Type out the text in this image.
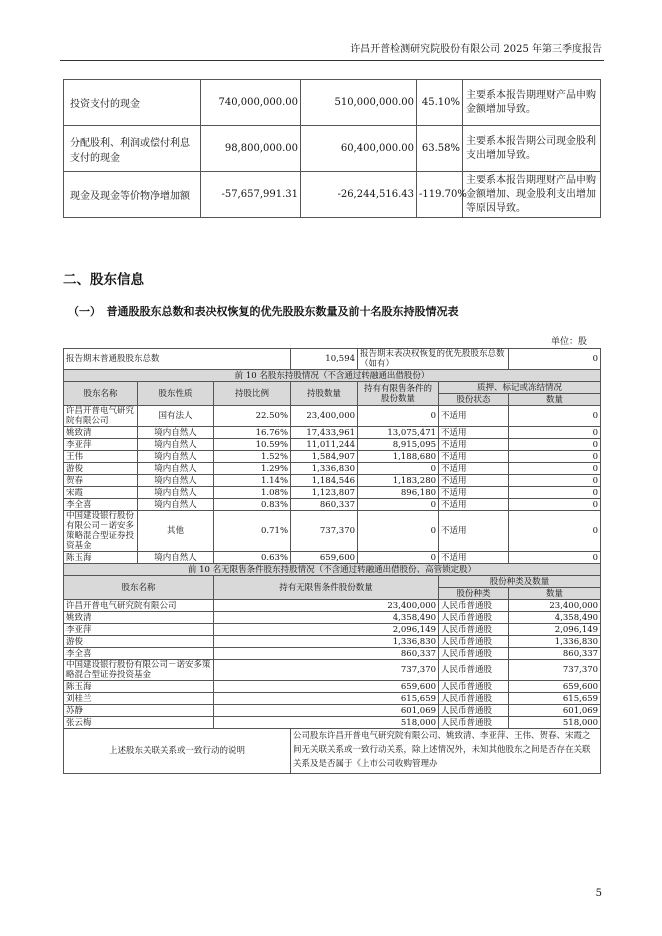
许昌开普检测研究院股份有限公司 2025 年第三季度报告
投资支付的现金	740,000,000.00	510,000,000.00	45.10%	主要系本报告期理财产品申购金额增加导致。
分配股利、利润或偿付利息支付的现金	98,800,000.00	60,400,000.00	63.58%	主要系本报告期公司现金股利支出增加导致。
现金及现金等价物净增加额	-57,657,991.31	-26,244,516.43	-119.70%	主要系本报告期理财产品申购金额增加、现金股利支出增加等原因导致。
二、股东信息
（一）　普通股股东总数和表决权恢复的优先股股东数量及前十名股东持股情况表
单位：股
报告期末普通股股东总数			10,594	报告期末表决权恢复的优先股股东总数（如有）		0
前 10 名股东持股情况（不含通过转融通出借股份）						
股东名称	股东性质	持股比例	持股数量	持有有限售条件的股份数量	质押、标记或冻结情况	
					股份状态	数量
许昌开普电气研究院有限公司	国有法人	22.50%	23,400,000	0	不适用	0
姚致清	境内自然人	16.76%	17,433,961	13,075,471	不适用	0
李亚萍	境内自然人	10.59%	11,011,244	8,915,095	不适用	0
王伟	境内自然人	1.52%	1,584,907	1,188,680	不适用	0
游俊	境内自然人	1.29%	1,336,830	0	不适用	0
贺春	境内自然人	1.14%	1,184,546	1,183,280	不适用	0
宋霞	境内自然人	1.08%	1,123,807	896,180	不适用	0
李全喜	境内自然人	0.83%	860,337	0	不适用	0
中国建设银行股份有限公司－诺安多策略混合型证券投资基金	其他	0.71%	737,370	0	不适用	0
陈玉海	境内自然人	0.63%	659,600	0	不适用	0
前 10 名无限售条件股东持股情况（不含通过转融通出借股份、高管锁定股）						
股东名称		持有无限售条件股份数量			股份种类及数量	
					股份种类	数量
许昌开普电气研究院有限公司		23,400,000			人民币普通股	23,400,000
姚致清		4,358,490			人民币普通股	4,358,490
李亚萍		2,096,149			人民币普通股	2,096,149
游俊		1,336,830			人民币普通股	1,336,830
李全喜		860,337			人民币普通股	860,337
中国建设银行股份有限公司－诺安多策略混合型证券投资基金		737,370			人民币普通股	737,370
陈玉海		659,600			人民币普通股	659,600
刘桂兰		615,659			人民币普通股	615,659
苏静		601,069			人民币普通股	601,069
张云梅		518,000			人民币普通股	518,000
上述股东关联关系或一致行动的说明			公司股东许昌开普电气研究院有限公司、姚致清、李亚萍、王伟、贺春、宋霞之间无关联关系或一致行动关系，除上述情况外，未知其他股东之间是否存在关联关系及是否属于《上市公司收购管理办			
5
